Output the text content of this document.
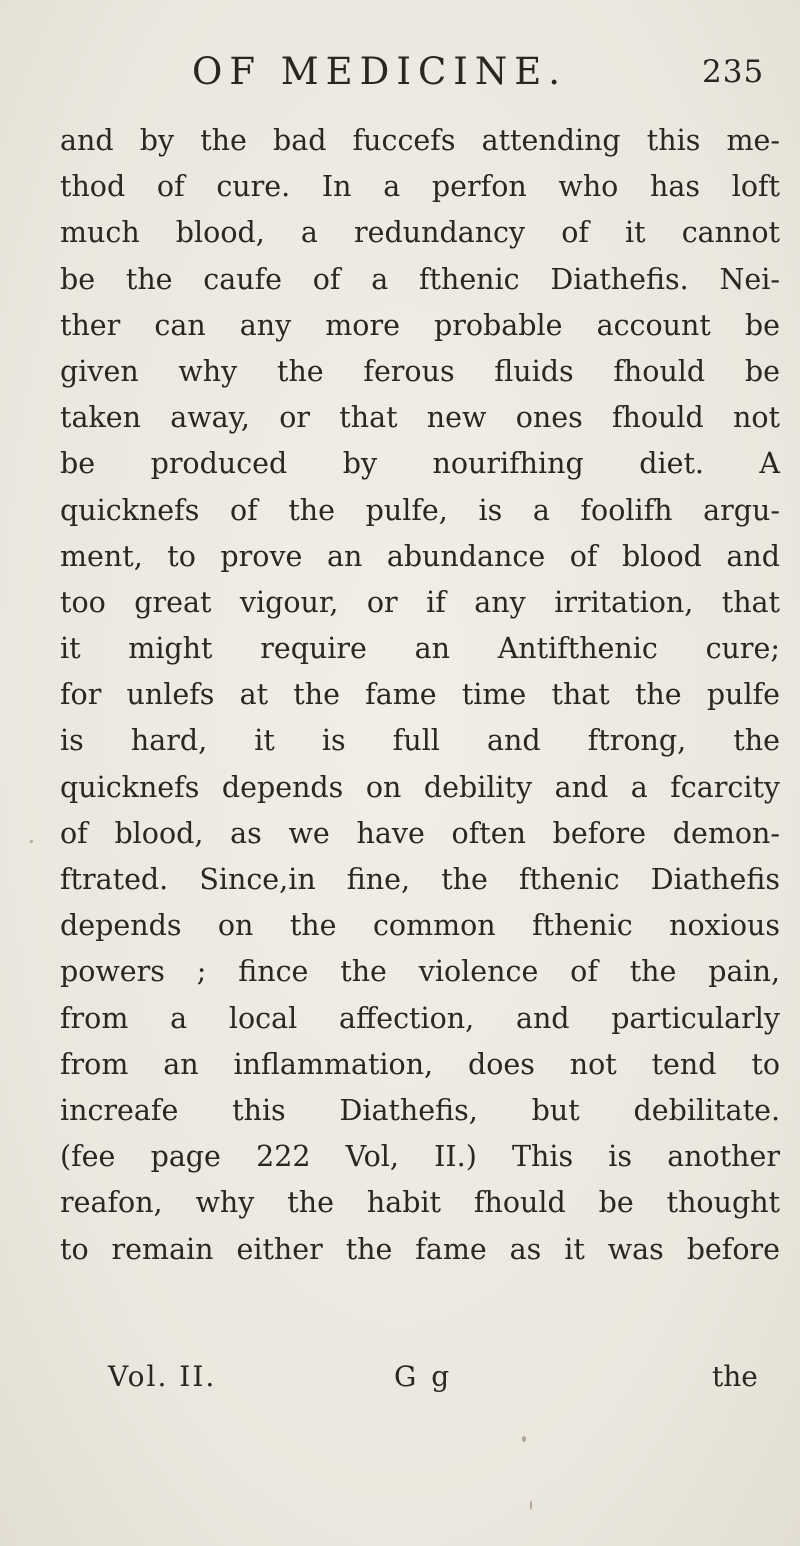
OF MEDICINE.	235
and by the bad fuccefs attending this me-
thod of cure. In a perfon who has loft
much blood, a redundancy of it cannot
be the caufe of a fthenic Diathefis. Nei-
ther can any more probable account be
given why the ferous fluids fhould be
taken away, or that new ones fhould not
be produced by nourifhing diet. A
quicknefs of the pulfe, is a foolifh argu-
ment, to prove an abundance of blood and
too great vigour, or if any irritation, that
it might require an Antifthenic cure;
for unlefs at the fame time that the pulfe
is hard, it is full and ftrong, the
quicknefs depends on debility and a fcarcity
of blood, as we have often before demon-
ftrated. Since,in fine, the fthenic Diathefis
depends on the common fthenic noxious
powers ; fince the violence of the pain,
from a local affection, and particularly
from an inflammation, does not tend to
increafe this Diathefis, but debilitate.
(fee page 222 Vol, II.) This is another
reafon, why the habit fhould be thought
to remain either the fame as it was before
Vol. II.	G g	the
